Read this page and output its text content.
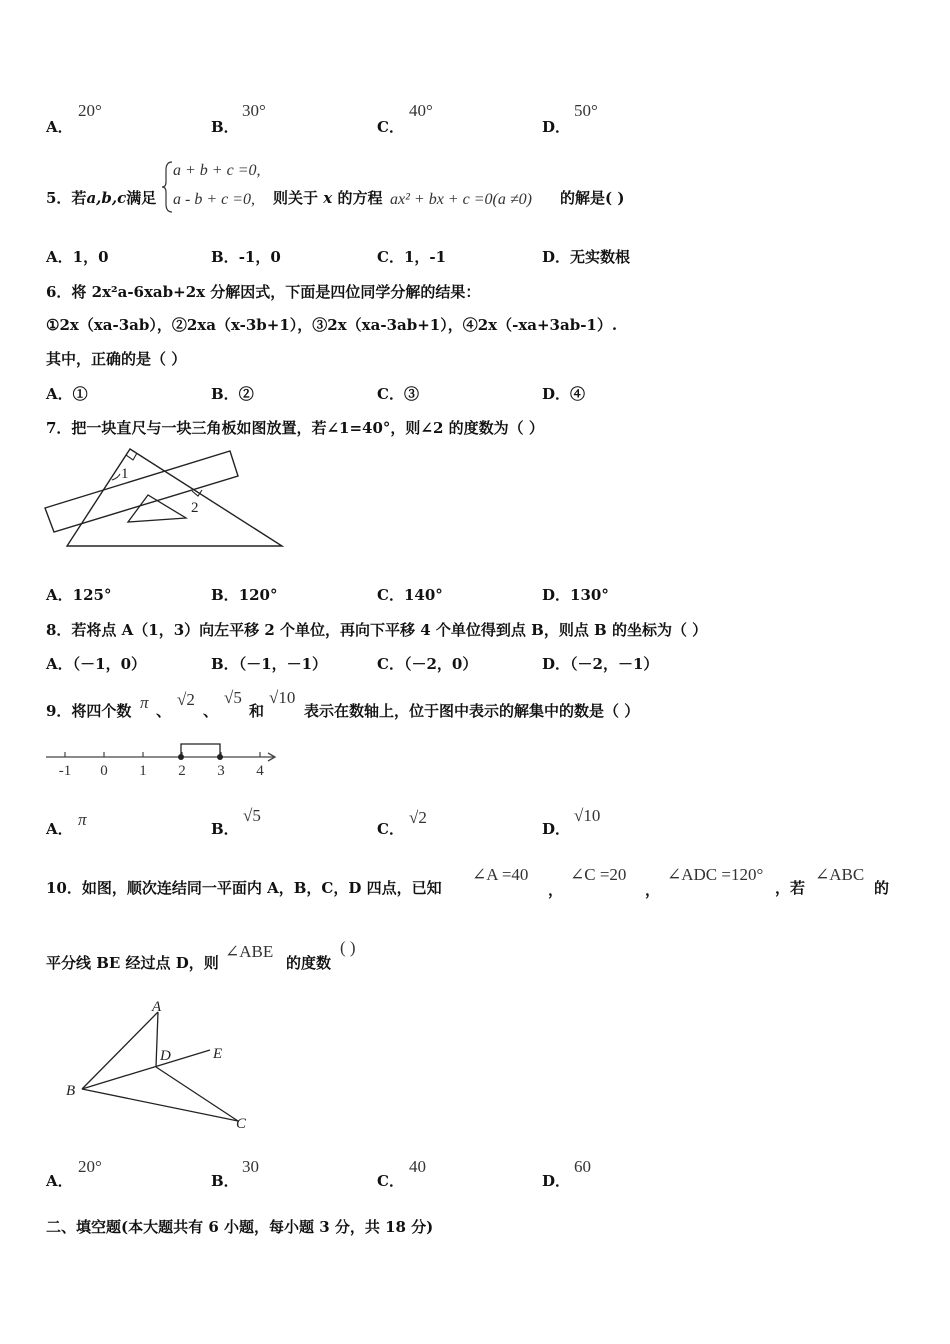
A．
20°
B．
30°
C．
40°
D．
50°
5．若a,b,c满足
a + b + c =0,
a - b + c =0, 则关于 x 的方程 ax² + bx + c =0(a ≠0) 的解是( )
A．1，0	B．-1，0	C．1，-1	D．无实数根
6．将 2x²a-6xab+2x 分解因式，下面是四位同学分解的结果：
①2x（xa-3ab），②2xa（x-3b+1），③2x（xa-3ab+1），④2x（-xa+3ab-1）.
其中，正确的是（ ）
A．①	B．②	C．③	D．④
7．把一块直尺与一块三角板如图放置，若∠1=40°，则∠2 的度数为（ ）
1
2
A．125°	B．120°	C．140°	D．130°
8．若将点 A（1，3）向左平移 2 个单位，再向下平移 4 个单位得到点 B，则点 B 的坐标为（ ）
A．（－1，0）	B．（－1，－1）	C．（－2，0）	D．（－2，－1）
9．将四个数 π 、
√2
、
√5
和
√10
表示在数轴上，位于图中表示的解集中的数是（ ）
-1 0 1 2 3 4
A． π	B．
√5
C．
√2
D．
√10
10．如图，顺次连结同一平面内 A，B，C，D 四点，已知
∠A =40
，
∠C =20
，
∠ADC =120°
，若
∠ABC
的
平分线 BE 经过点 D，则
∠ABE
的度数
( )
A
B
C
D	E
A．
20°
B．
30
C．
40
D．
60
二、填空题(本大题共有 6 小题，每小题 3 分，共 18 分)
